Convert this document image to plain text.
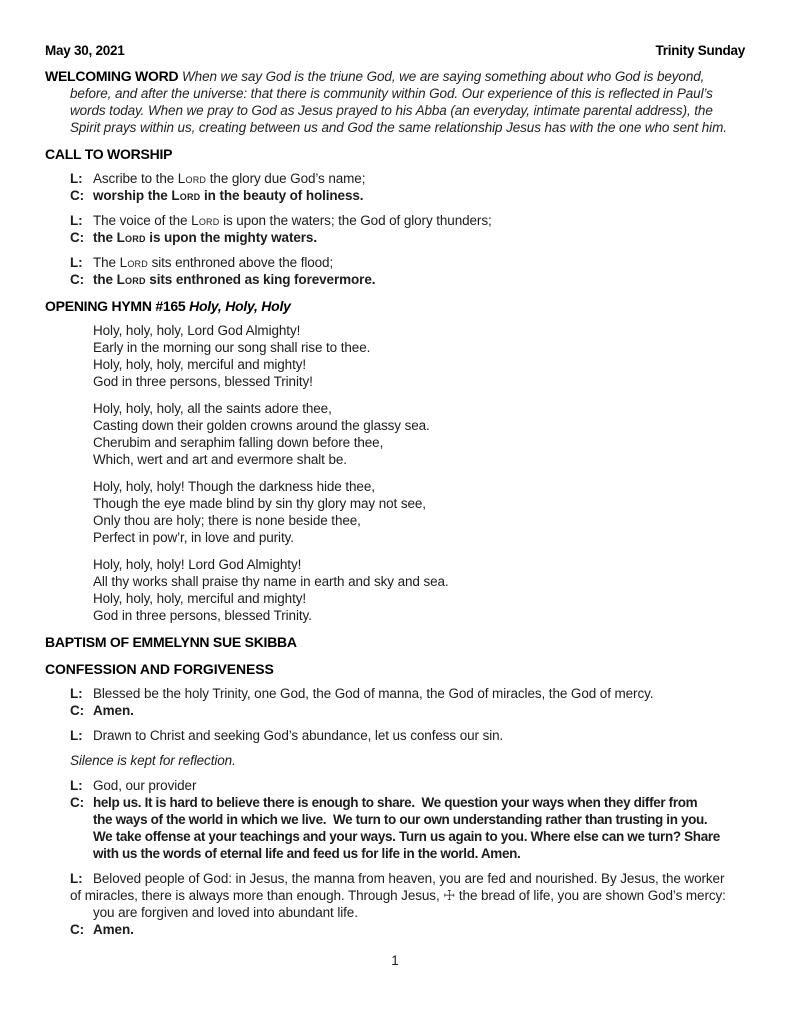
May 30, 2021	Trinity Sunday

WELCOMING WORD When we say God is the triune God, we are saying something about who God is beyond, before, and after the universe: that there is community within God. Our experience of this is reflected in Paul’s words today. When we pray to God as Jesus prayed to his Abba (an everyday, intimate parental address), the Spirit prays within us, creating between us and God the same relationship Jesus has with the one who sent him.

CALL TO WORSHIP
L: Ascribe to the Lord the glory due God’s name;
C: worship the Lord in the beauty of holiness.
L: The voice of the Lord is upon the waters; the God of glory thunders;
C: the Lord is upon the mighty waters.
L: The Lord sits enthroned above the flood;
C: the Lord sits enthroned as king forevermore.
OPENING HYMN #165 Holy, Holy, Holy
Holy, holy, holy, Lord God Almighty!
Early in the morning our song shall rise to thee.
Holy, holy, holy, merciful and mighty!
God in three persons, blessed Trinity!
Holy, holy, holy, all the saints adore thee,
Casting down their golden crowns around the glassy sea.
Cherubim and seraphim falling down before thee,
Which, wert and art and evermore shalt be.
Holy, holy, holy! Though the darkness hide thee,
Though the eye made blind by sin thy glory may not see,
Only thou are holy; there is none beside thee,
Perfect in pow’r, in love and purity.
Holy, holy, holy! Lord God Almighty!
All thy works shall praise thy name in earth and sky and sea.
Holy, holy, holy, merciful and mighty!
God in three persons, blessed Trinity.
BAPTISM OF EMMELYNN SUE SKIBBA
CONFESSION AND FORGIVENESS
L: Blessed be the holy Trinity, one God, the God of manna, the God of miracles, the God of mercy.
C: Amen.
L: Drawn to Christ and seeking God’s abundance, let us confess our sin.
Silence is kept for reflection.
L: God, our provider
C: help us. It is hard to believe there is enough to share.  We question your ways when they differ from
the ways of the world in which we live.  We turn to our own understanding rather than trusting in you.
We take offense at your teachings and your ways. Turn us again to you. Where else can we turn? Share
with us the words of eternal life and feed us for life in the world. Amen.
L: Beloved people of God: in Jesus, the manna from heaven, you are fed and nourished. By Jesus, the worker
of miracles, there is always more than enough. Through Jesus, ☩ the bread of life, you are shown God’s mercy:
you are forgiven and loved into abundant life.
C: Amen.
1
